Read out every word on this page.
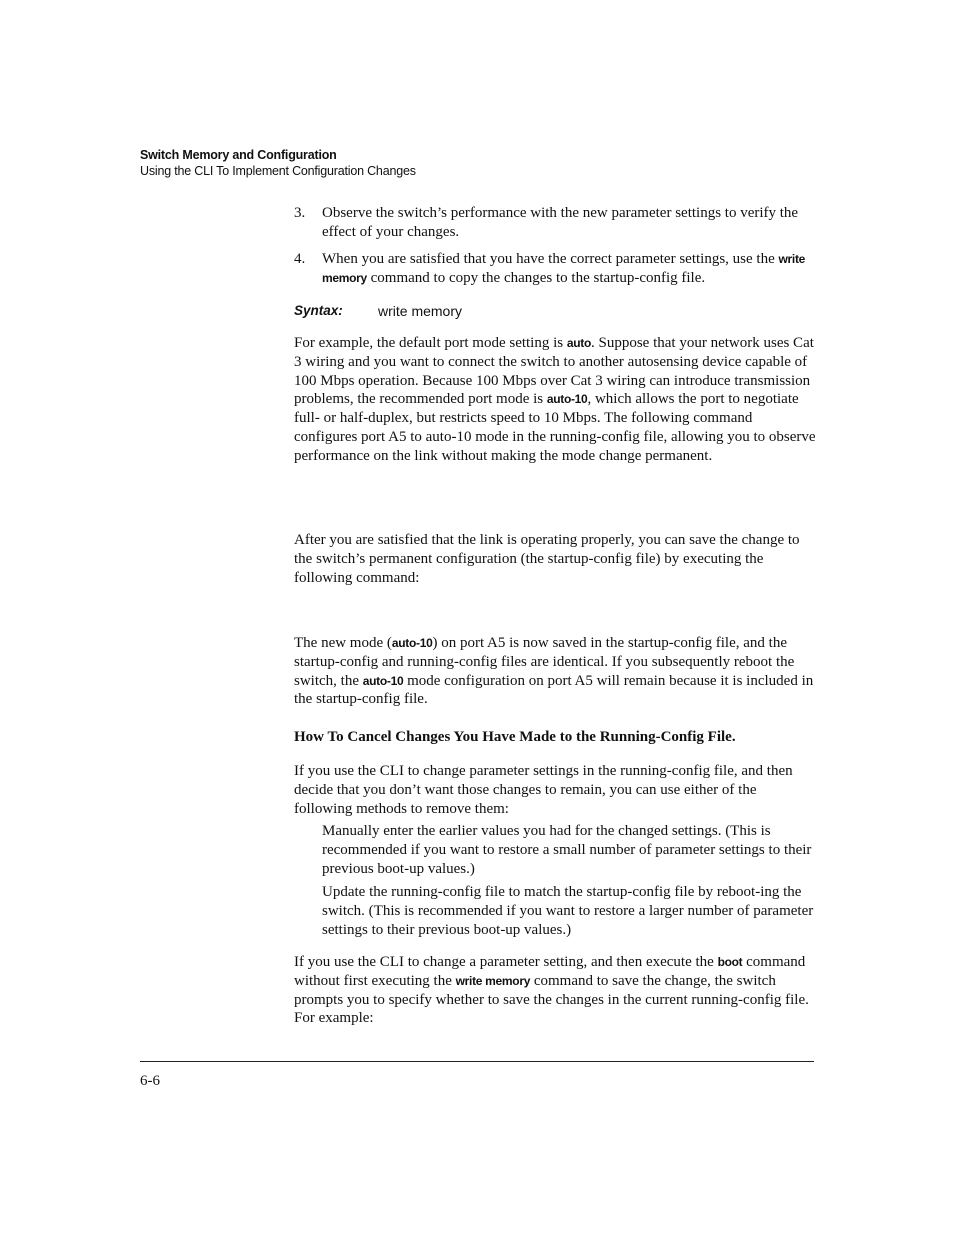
Switch Memory and Configuration
Using the CLI To Implement Configuration Changes
3. Observe the switch’s performance with the new parameter settings to verify the effect of your changes.
4. When you are satisfied that you have the correct parameter settings, use the write memory command to copy the changes to the startup-config file.
Syntax:	write memory

For example, the default port mode setting is auto. Suppose that your network uses Cat 3 wiring and you want to connect the switch to another autosensing device capable of 100 Mbps operation. Because 100 Mbps over Cat 3 wiring can introduce transmission problems, the recommended port mode is auto-10, which allows the port to negotiate full- or half-duplex, but restricts speed to 10 Mbps. The following command configures port A5 to auto-10 mode in the running-config file, allowing you to observe performance on the link without making the mode change permanent.

After you are satisfied that the link is operating properly, you can save the change to the switch’s permanent configuration (the startup-config file) by executing the following command:

The new mode (auto-10) on port A5 is now saved in the startup-config file, and the startup-config and running-config files are identical. If you subsequently reboot the switch, the auto-10 mode configuration on port A5 will remain because it is included in the startup-config file.

How To Cancel Changes You Have Made to the Running-Config File.

If you use the CLI to change parameter settings in the running-config file, and then decide that you don’t want those changes to remain, you can use either of the following methods to remove them:

Manually enter the earlier values you had for the changed settings. (This is recommended if you want to restore a small number of parameter settings to their previous boot-up values.)

Update the running-config file to match the startup-config file by reboot-ing the switch. (This is recommended if you want to restore a larger number of parameter settings to their previous boot-up values.)

If you use the CLI to change a parameter setting, and then execute the boot command without first executing the write memory command to save the change, the switch prompts you to specify whether to save the changes in the current running-config file. For example:

6-6
